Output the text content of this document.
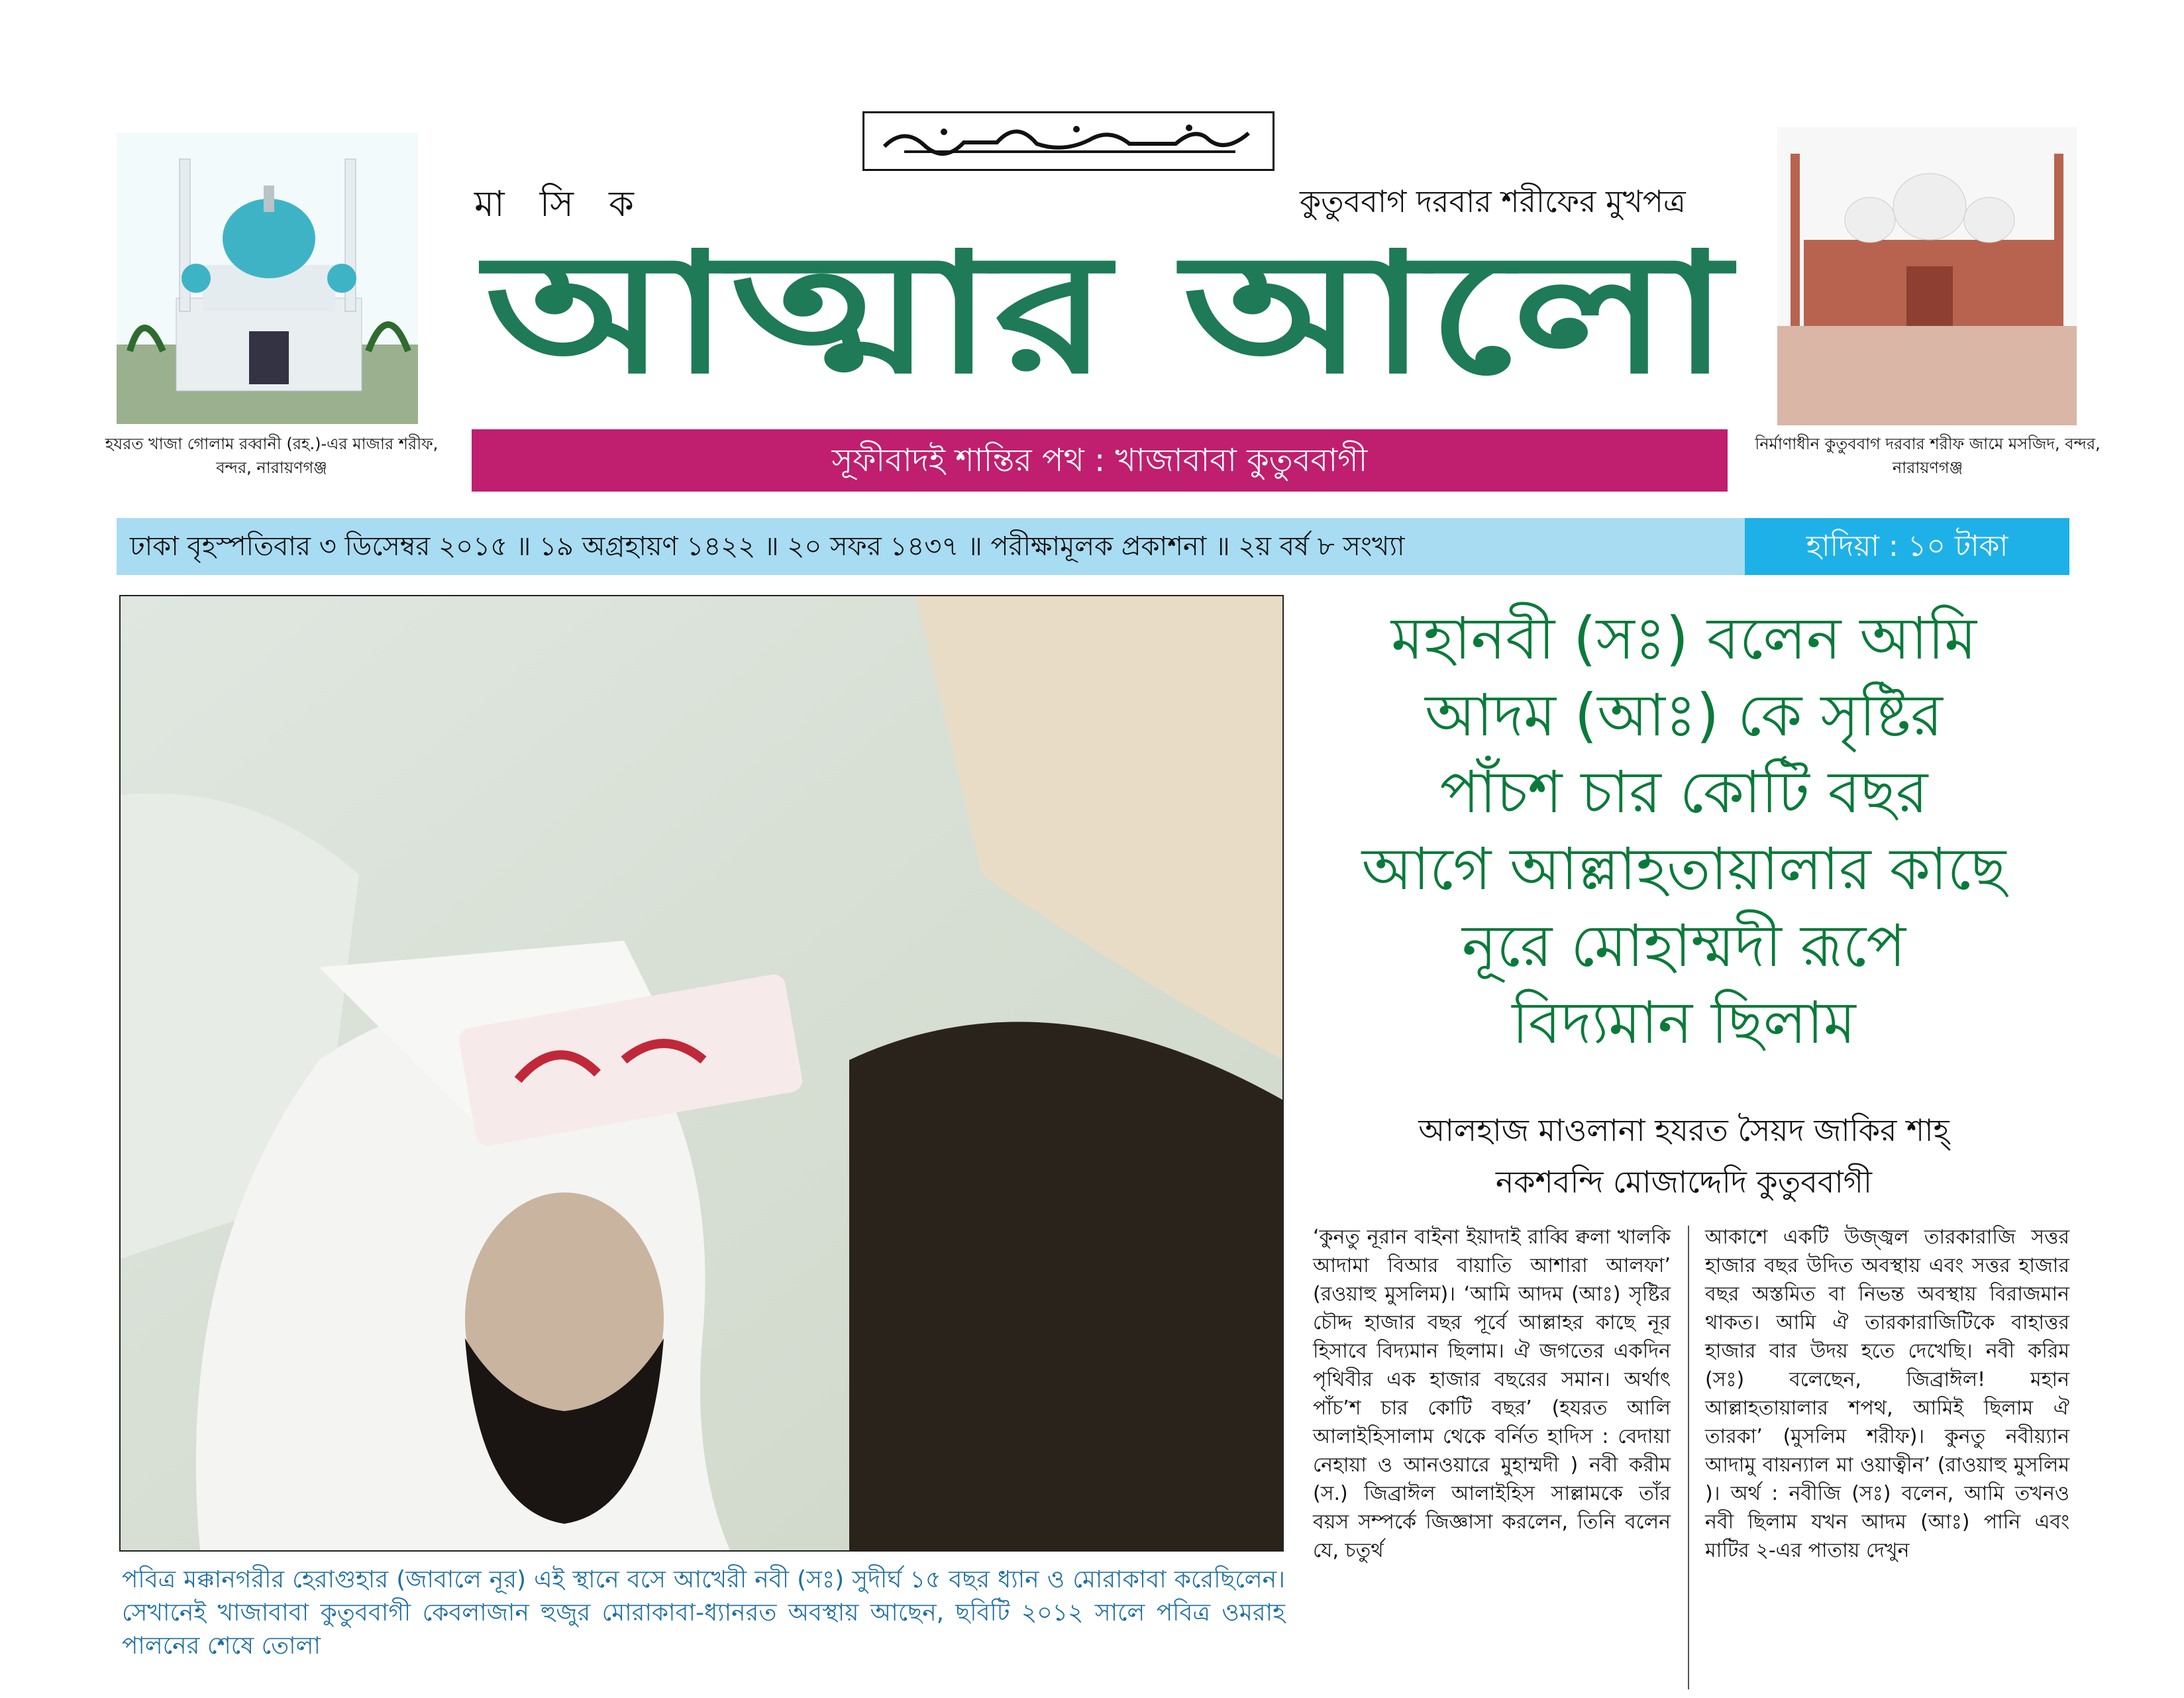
হযরত খাজা গোলাম রব্বানী (রহ.)-এর মাজার শরীফ, বন্দর, নারায়ণগঞ্জ
নির্মাণাধীন কুতুববাগ দরবার শরীফ জামে মসজিদ, বন্দর, নারায়ণগঞ্জ
মা সি ক	কুতুববাগ দরবার শরীফের মুখপত্র
আত্মার আলো
সূফীবাদই শান্তির পথ : খাজাবাবা কুতুববাগী
ঢাকা বৃহস্পতিবার ৩ ডিসেম্বর ২০১৫ ॥ ১৯ অগ্রহায়ণ ১৪২২ ॥ ২০ সফর ১৪৩৭ ॥ পরীক্ষামূলক প্রকাশনা ॥ ২য় বর্ষ ৮ সংখ্যা	হাদিয়া : ১০ টাকা
পবিত্র মক্কানগরীর হেরাগুহার (জাবালে নূর) এই স্থানে বসে আখেরী নবী (সঃ) সুদীর্ঘ ১৫ বছর ধ্যান ও মোরাকাবা করেছিলেন। সেখানেই খাজাবাবা কুতুববাগী কেবলাজান হুজুর মোরাকাবা-ধ্যানরত অবস্থায় আছেন, ছবিটি ২০১২ সালে পবিত্র ওমরাহ পালনের শেষে তোলা
মহানবী (সঃ) বলেন আমি
আদম (আঃ) কে সৃষ্টির
পাঁচশ চার কোটি বছর
আগে আল্লাহতায়ালার কাছে
নূরে মোহাম্মদী রূপে
বিদ্যমান ছিলাম
আলহাজ মাওলানা হযরত সৈয়দ জাকির শাহ্
নকশবন্দি মোজাদ্দেদি কুতুববাগী
‘কুনতু নূরান বাইনা ইয়াদাই রাব্বি ক্বলা খালকি আদামা বিআর বায়াতি আশারা আলফা’ (রওয়াহু মুসলিম)। ‘আমি আদম (আঃ) সৃষ্টির চৌদ্দ হাজার বছর পূর্বে আল্লাহর কাছে নূর হিসাবে বিদ্যমান ছিলাম। ঐ জগতের একদিন পৃথিবীর এক হাজার বছরের সমান। অর্থাৎ পাঁচ’শ চার কোটি বছর’ (হযরত আলি আলাইহিসালাম থেকে বর্নিত হাদিস : বেদায়া নেহায়া ও আনওয়ারে মুহাম্মদী ) নবী করীম (স.) জিব্রাঈল আলাইহিস সাল্লামকে তাঁর বয়স সম্পর্কে জিজ্ঞাসা করলেন, তিনি বলেন যে, চতুর্থ
আকাশে একটি উজ্জ্বল তারকারাজি সত্তর হাজার বছর উদিত অবস্থায় এবং সত্তর হাজার বছর অস্তমিত বা নিভন্ত অবস্থায় বিরাজমান থাকত। আমি ঐ তারকারাজিটিকে বাহাত্তর হাজার বার উদয় হতে দেখেছি। নবী করিম (সঃ) বলেছেন, জিব্রাঈল! মহান আল্লাহতায়ালার শপথ, আমিই ছিলাম ঐ তারকা’ (মুসলিম শরীফ)। কুনতু নবীয়্যান আদামু বায়ন্যাল মা ওয়াত্বীন’ (রাওয়াহু মুসলিম )। অর্থ : নবীজি (সঃ) বলেন, আমি তখনও নবী ছিলাম যখন আদম (আঃ) পানি এবং মাটির ২-এর পাতায় দেখুন
